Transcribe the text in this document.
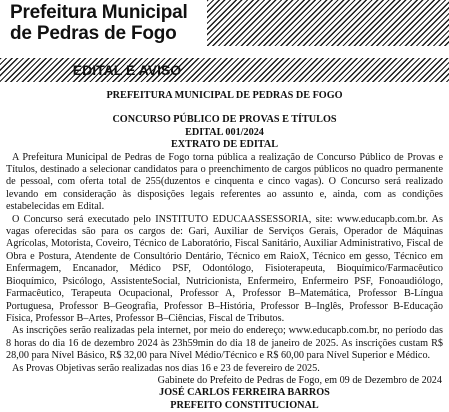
Prefeitura Municipal
de Pedras de Fogo
EDITAL E AVISO
PREFEITURA MUNICIPAL DE PEDRAS DE FOGO
CONCURSO PÚBLICO DE PROVAS E TÍTULOS
EDITAL 001/2024
EXTRATO DE EDITAL

A Prefeitura Municipal de Pedras de Fogo torna pública a realização de Concurso Público de Provas e Títulos, destinado a selecionar candidatos para o preenchimento de cargos públicos no quadro permanente de pessoal, com oferta total de 255(duzentos e cinquenta e cinco vagas). O Concurso será realizado levando em consideração às disposições legais referentes ao assunto e, ainda, com as condições estabelecidas em Edital.

O Concurso será executado pelo INSTITUTO EDUCAASSESSORIA, site: www.educapb.com.br. As vagas oferecidas são para os cargos de: Gari, Auxiliar de Serviços Gerais, Operador de Máquinas Agrícolas, Motorista, Coveiro, Técnico de Laboratório, Fiscal Sanitário, Auxiliar Administrativo, Fiscal de Obra e Postura, Atendente de Consultório Dentário, Técnico em RaioX, Técnico em gesso, Técnico em Enfermagem, Encanador, Médico PSF, Odontólogo, Fisioterapeuta, Bioquímico/Farmacêutico Bioquímico, Psicólogo, AssistenteSocial, Nutricionista, Enfermeiro, Enfermeiro PSF, Fonoaudiólogo, Farmacêutico, Terapeuta Ocupacional, Professor A, Professor B–Matemática, Professor B-Língua Portuguesa, Professor B–Geografia, Professor B–História, Professor B–Inglês, Professor B-Educação Física, Professor B–Artes, Professor B–Ciências, Fiscal de Tributos.

As inscrições serão realizadas pela internet, por meio do endereço; www.educapb.com.br, no período das 8 horas do dia 16 de dezembro 2024 às 23h59min do dia 18 de janeiro de 2025. As inscrições custam R$ 28,00 para Nível Básico, R$ 32,00 para Nível Médio/Técnico e R$ 60,00 para Nível Superior e Médico.

As Provas Objetivas serão realizadas nos dias 16 e 23 de fevereiro de 2025.

Gabinete do Prefeito de Pedras de Fogo, em 09 de Dezembro de 2024
JOSÉ CARLOS FERREIRA BARROS
PREFEITO CONSTITUCIONAL
